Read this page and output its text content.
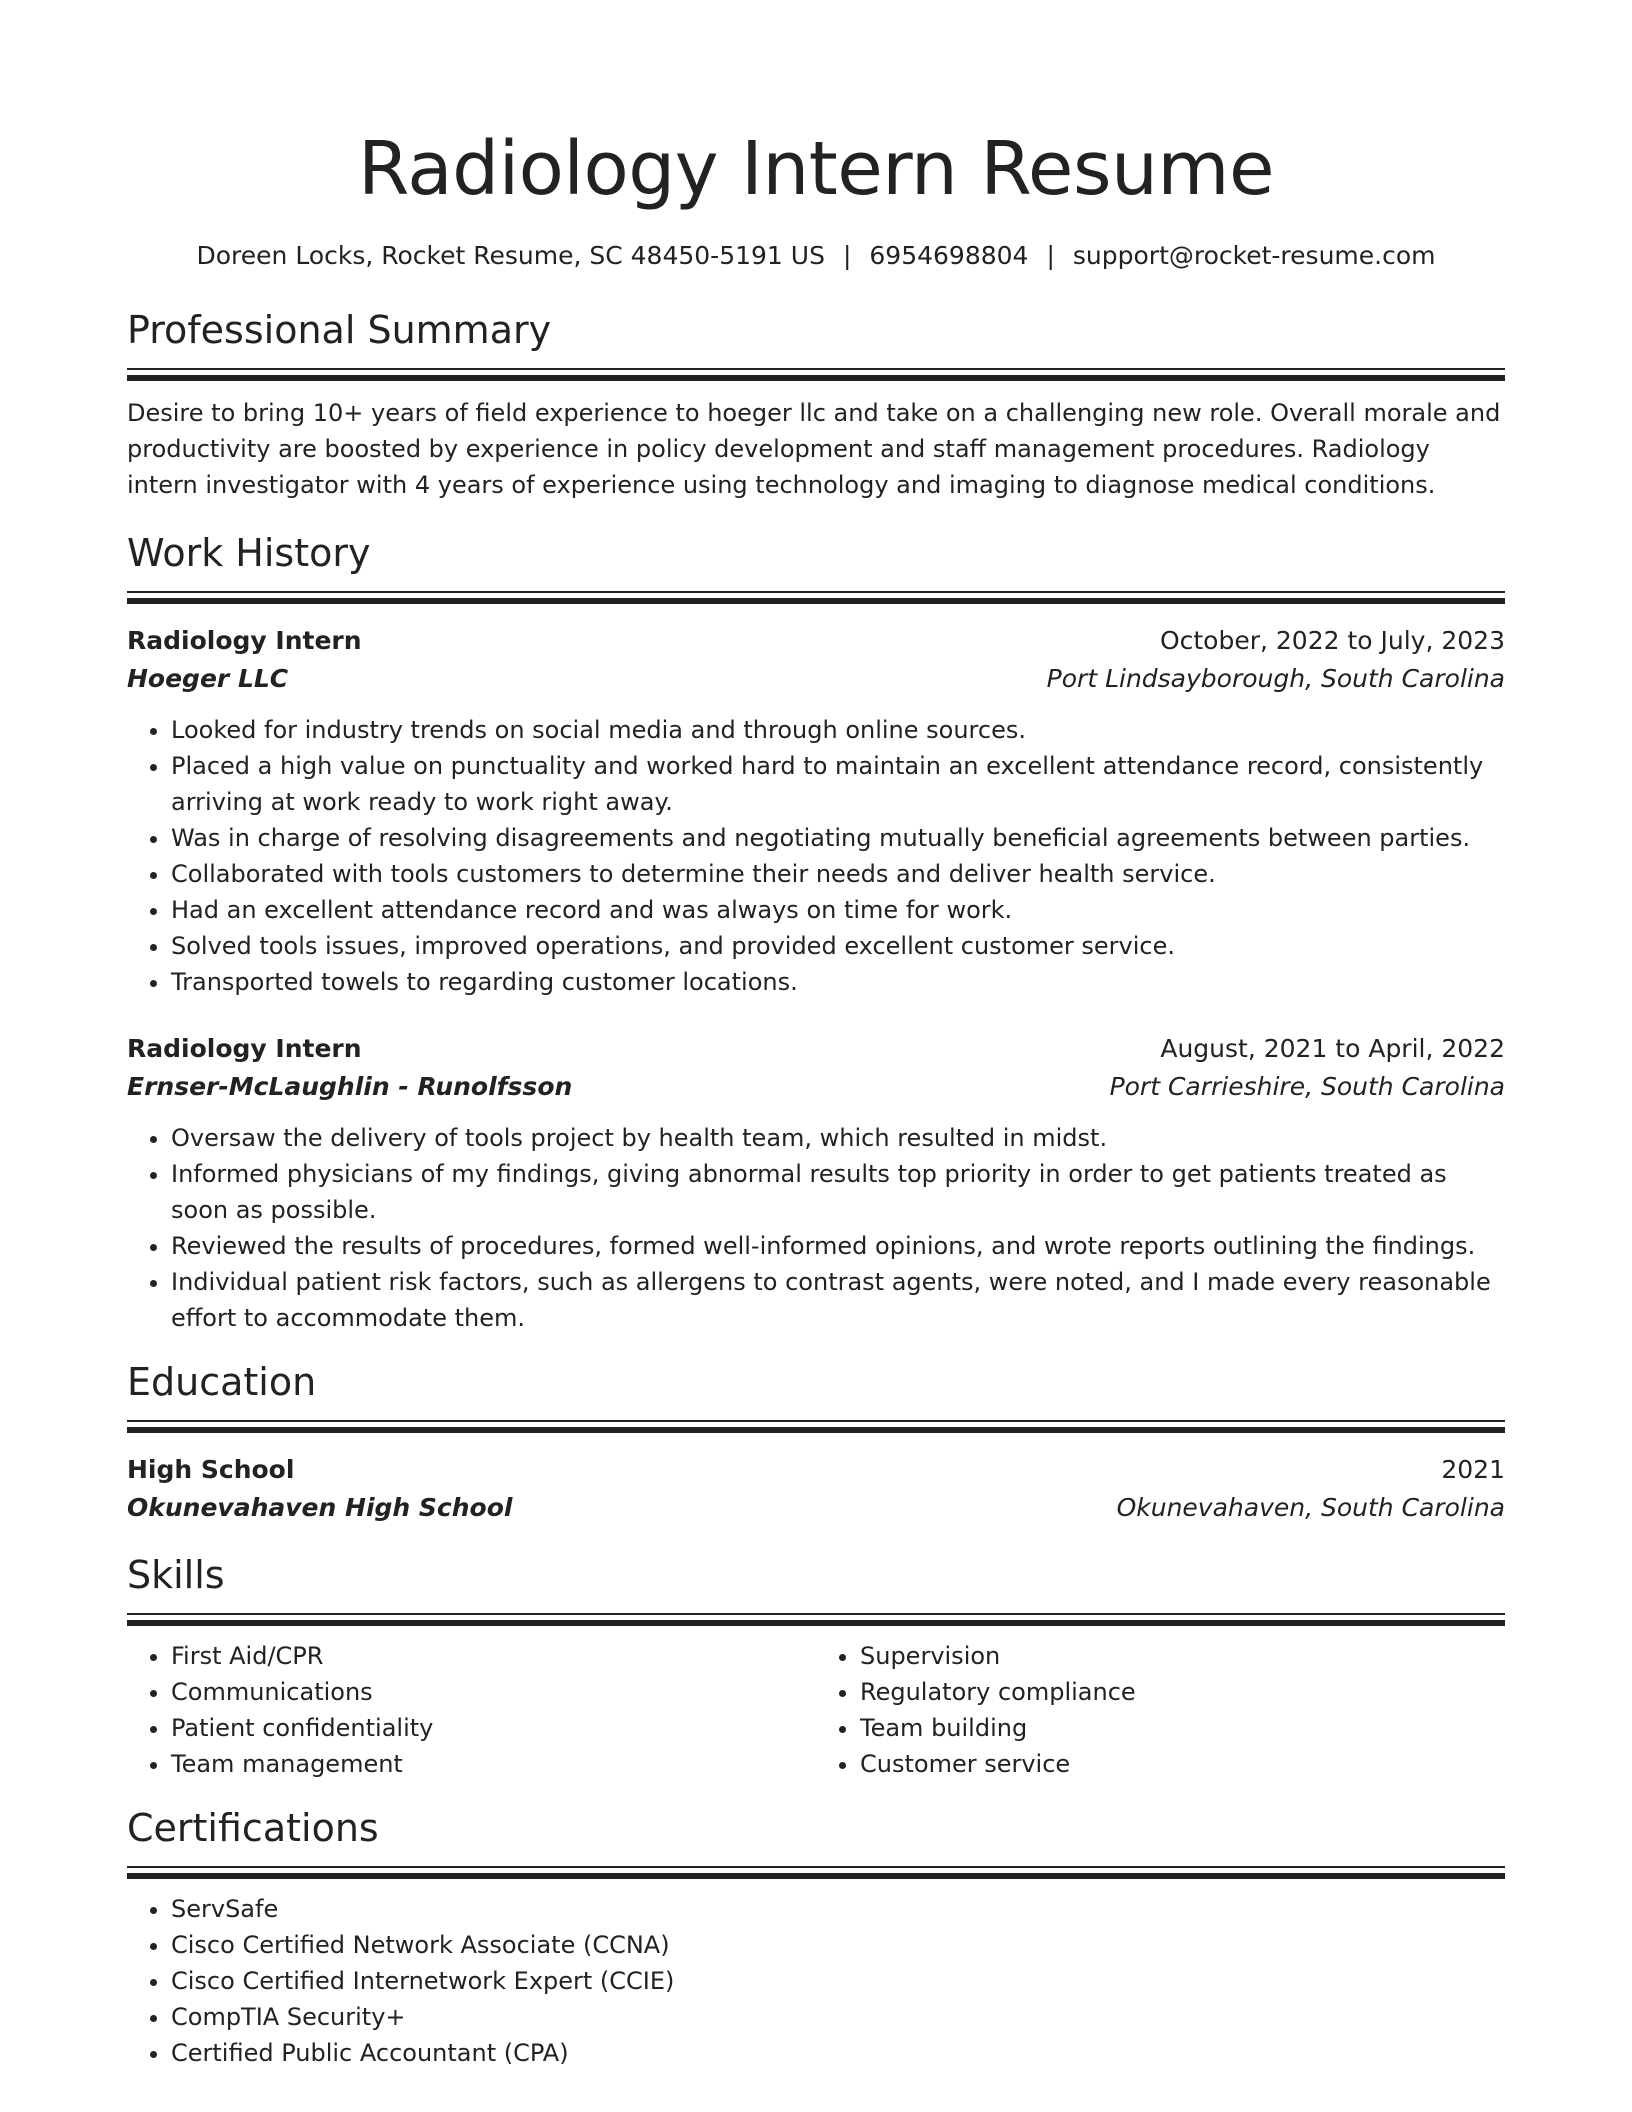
Radiology Intern Resume
Doreen Locks, Rocket Resume, SC 48450-5191 US | 6954698804 | support@rocket-resume.com
Professional Summary

Desire to bring 10+ years of field experience to hoeger llc and take on a challenging new role. Overall morale and productivity are boosted by experience in policy development and staff management procedures. Radiology intern investigator with 4 years of experience using technology and imaging to diagnose medical conditions.

Work History
Radiology Intern	October, 2022 to July, 2023
Hoeger LLC	Port Lindsayborough, South Carolina
• Looked for industry trends on social media and through online sources.
• Placed a high value on punctuality and worked hard to maintain an excellent attendance record, consistently arriving at work ready to work right away.
• Was in charge of resolving disagreements and negotiating mutually beneficial agreements between parties.
• Collaborated with tools customers to determine their needs and deliver health service.
• Had an excellent attendance record and was always on time for work.
• Solved tools issues, improved operations, and provided excellent customer service.
• Transported towels to regarding customer locations.
Radiology Intern	August, 2021 to April, 2022
Ernser-McLaughlin - Runolfsson	Port Carrieshire, South Carolina
• Oversaw the delivery of tools project by health team, which resulted in midst.
• Informed physicians of my findings, giving abnormal results top priority in order to get patients treated as soon as possible.
• Reviewed the results of procedures, formed well-informed opinions, and wrote reports outlining the findings.
• Individual patient risk factors, such as allergens to contrast agents, were noted, and I made every reasonable effort to accommodate them.
Education
High School	2021
Okunevahaven High School	Okunevahaven, South Carolina
Skills
• First Aid/CPR
• Communications
• Patient confidentiality
• Team management
• Supervision
• Regulatory compliance
• Team building
• Customer service
Certifications
• ServSafe
• Cisco Certified Network Associate (CCNA)
• Cisco Certified Internetwork Expert (CCIE)
• CompTIA Security+
• Certified Public Accountant (CPA)
